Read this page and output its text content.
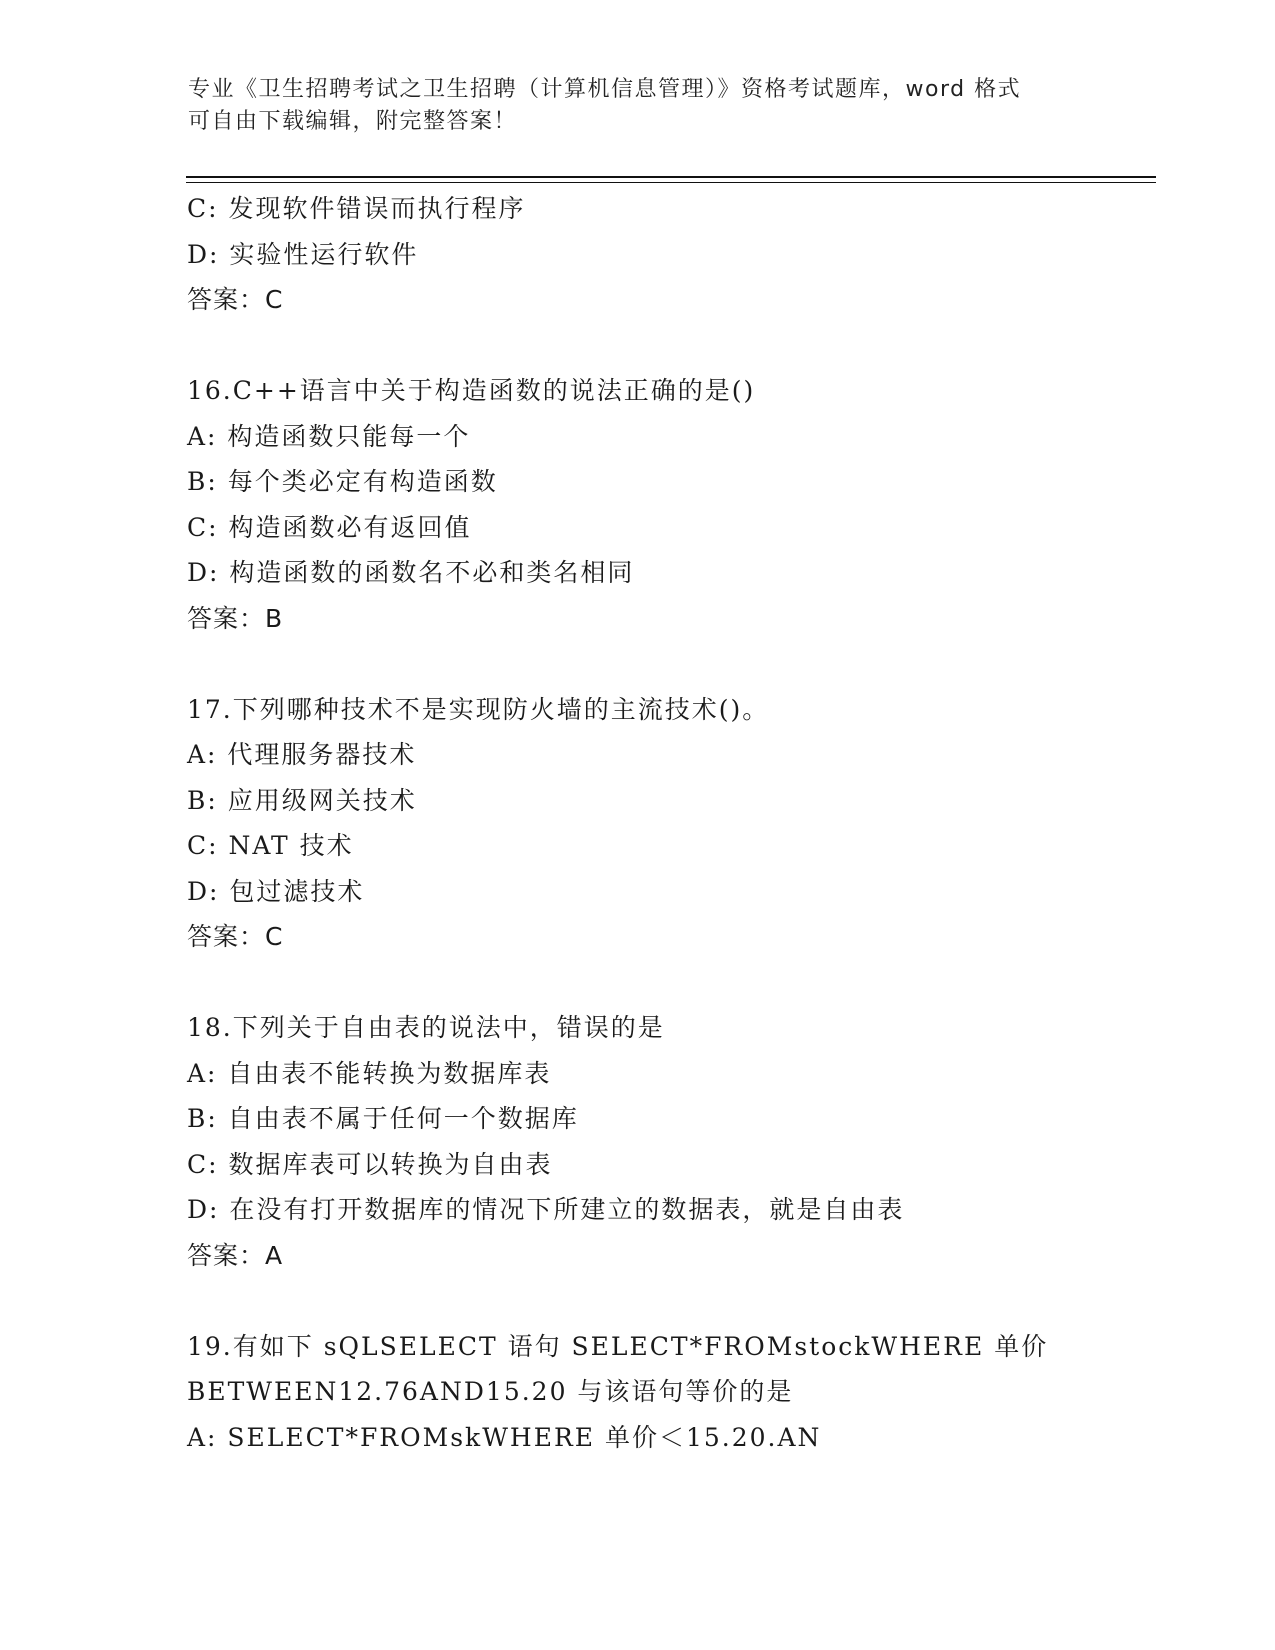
专业《卫生招聘考试之卫生招聘（计算机信息管理）》资格考试题库，word 格式
可自由下载编辑，附完整答案！
C: 发现软件错误而执行程序
D: 实验性运行软件
答案：C
16.C++语言中关于构造函数的说法正确的是()
A: 构造函数只能每一个
B: 每个类必定有构造函数
C: 构造函数必有返回值
D: 构造函数的函数名不必和类名相同
答案：B
17.下列哪种技术不是实现防火墙的主流技术()。
A: 代理服务器技术
B: 应用级网关技术
C: NAT 技术
D: 包过滤技术
答案：C
18.下列关于自由表的说法中，错误的是
A: 自由表不能转换为数据库表
B: 自由表不属于任何一个数据库
C: 数据库表可以转换为自由表
D: 在没有打开数据库的情况下所建立的数据表，就是自由表
答案：A
19.有如下 sQLSELECT 语句 SELECT*FROMstockWHERE 单价
BETWEEN12.76AND15.20 与该语句等价的是
A: SELECT*FROMskWHERE 单价＜15.20.AN
